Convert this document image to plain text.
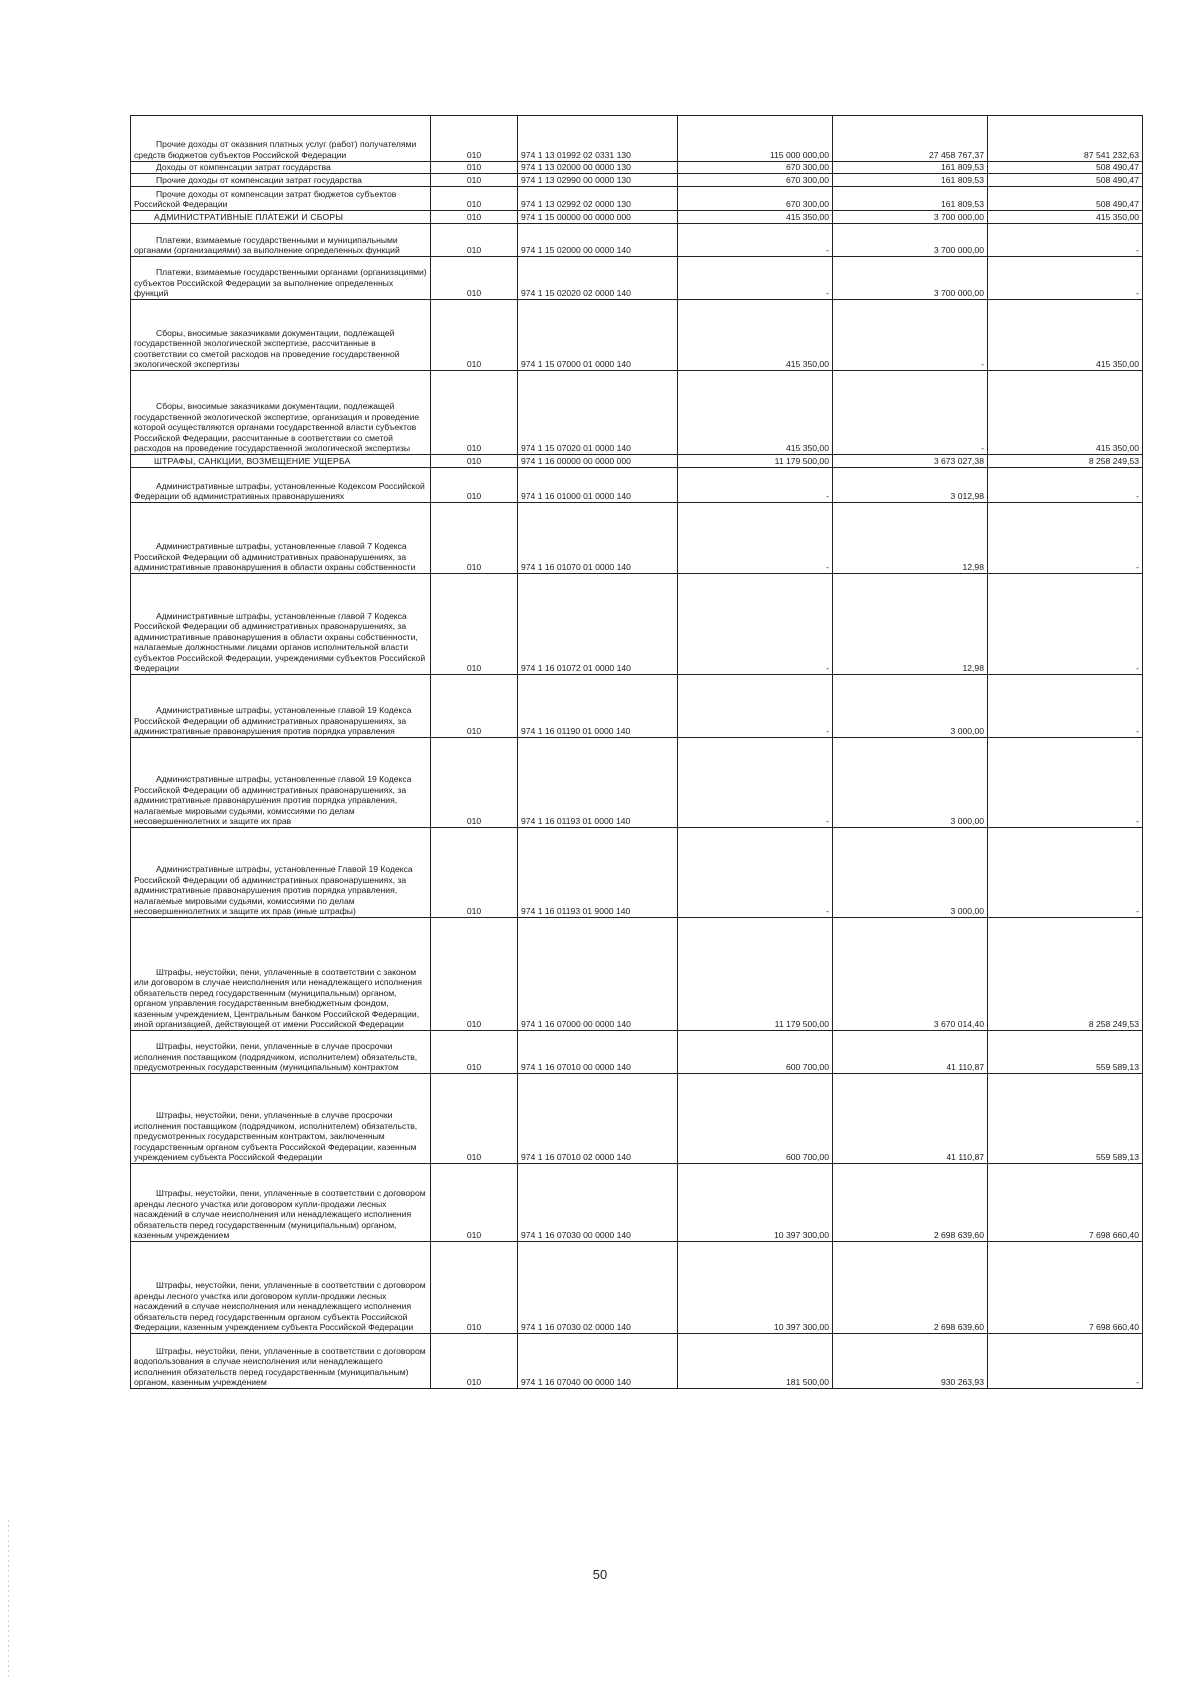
Прочие доходы от оказания платных услуг (работ) получателями средств бюджетов субъектов Российской Федерации	010	974 1 13 01992 02 0331 130	115 000 000,00	27 458 767,37	87 541 232,63

Доходы от компенсации затрат государства	010	974 1 13 02000 00 0000 130	670 300,00	161 809,53	508 490,47

Прочие доходы от компенсации затрат государства	010	974 1 13 02990 00 0000 130	670 300,00	161 809,53	508 490,47

Прочие доходы от компенсации затрат бюджетов субъектов Российской Федерации	010	974 1 13 02992 02 0000 130	670 300,00	161 809,53	508 490,47

АДМИНИСТРАТИВНЫЕ ПЛАТЕЖИ И СБОРЫ	010	974 1 15 00000 00 0000 000	415 350,00	3 700 000,00	415 350,00

Платежи, взимаемые государственными и муниципальными органами (организациями) за выполнение определенных функций	010	974 1 15 02000 00 0000 140	-	3 700 000,00	-

Платежи, взимаемые государственными органами (организациями) субъектов Российской Федерации за выполнение определенных функций	010	974 1 15 02020 02 0000 140	-	3 700 000,00	-

Сборы, вносимые заказчиками документации, подлежащей государственной экологической экспертизе, рассчитанные в соответствии со сметой расходов на проведение государственной экологической экспертизы	010	974 1 15 07000 01 0000 140	415 350,00	-	415 350,00

Сборы, вносимые заказчиками документации, подлежащей государственной экологической экспертизе, организация и проведение которой осуществляются органами государственной власти субъектов Российской Федерации, рассчитанные в соответствии со сметой расходов на проведение государственной экологической экспертизы	010	974 1 15 07020 01 0000 140	415 350,00	-	415 350,00

ШТРАФЫ, САНКЦИИ, ВОЗМЕЩЕНИЕ УЩЕРБА	010	974 1 16 00000 00 0000 000	11 179 500,00	3 673 027,38	8 258 249,53

Административные штрафы, установленные Кодексом Российской Федерации об административных правонарушениях	010	974 1 16 01000 01 0000 140	-	3 012,98	-

Административные штрафы, установленные главой 7 Кодекса Российской Федерации об административных правонарушениях, за административные правонарушения в области охраны собственности	010	974 1 16 01070 01 0000 140	-	12,98	-

Административные штрафы, установленные главой 7 Кодекса Российской Федерации об административных правонарушениях, за административные правонарушения в области охраны собственности, налагаемые должностными лицами органов исполнительной власти субъектов Российской Федерации, учреждениями субъектов Российской Федерации	010	974 1 16 01072 01 0000 140	-	12,98	-

Административные штрафы, установленные главой 19 Кодекса Российской Федерации об административных правонарушениях, за административные правонарушения против порядка управления	010	974 1 16 01190 01 0000 140	-	3 000,00	-

Административные штрафы, установленные главой 19 Кодекса Российской Федерации об административных правонарушениях, за административные правонарушения против порядка управления, налагаемые мировыми судьями, комиссиями по делам несовершеннолетних и защите их прав	010	974 1 16 01193 01 0000 140	-	3 000,00	-

Административные штрафы, установленные Главой 19 Кодекса Российской Федерации об административных правонарушениях, за административные правонарушения против порядка управления, налагаемые мировыми судьями, комиссиями по делам несовершеннолетних и защите их прав (иные штрафы)	010	974 1 16 01193 01 9000 140	-	3 000,00	-

Штрафы, неустойки, пени, уплаченные в соответствии с законом или договором в случае неисполнения или ненадлежащего исполнения обязательств перед государственным (муниципальным) органом, органом управления государственным внебюджетным фондом, казенным учреждением, Центральным банком Российской Федерации, иной организацией, действующей от имени Российской Федерации	010	974 1 16 07000 00 0000 140	11 179 500,00	3 670 014,40	8 258 249,53

Штрафы, неустойки, пени, уплаченные в случае просрочки исполнения поставщиком (подрядчиком, исполнителем) обязательств, предусмотренных государственным (муниципальным) контрактом	010	974 1 16 07010 00 0000 140	600 700,00	41 110,87	559 589,13

Штрафы, неустойки, пени, уплаченные в случае просрочки исполнения поставщиком (подрядчиком, исполнителем) обязательств, предусмотренных государственным контрактом, заключенным государственным органом субъекта Российской Федерации, казенным учреждением субъекта Российской Федерации	010	974 1 16 07010 02 0000 140	600 700,00	41 110,87	559 589,13

Штрафы, неустойки, пени, уплаченные в соответствии с договором аренды лесного участка или договором купли-продажи лесных насаждений в случае неисполнения или ненадлежащего исполнения обязательств перед государственным (муниципальным) органом, казенным учреждением	010	974 1 16 07030 00 0000 140	10 397 300,00	2 698 639,60	7 698 660,40

Штрафы, неустойки, пени, уплаченные в соответствии с договором аренды лесного участка или договором купли-продажи лесных насаждений в случае неисполнения или ненадлежащего исполнения обязательств перед государственным органом субъекта Российской Федерации, казенным учреждением субъекта Российской Федерации	010	974 1 16 07030 02 0000 140	10 397 300,00	2 698 639,60	7 698 660,40

Штрафы, неустойки, пени, уплаченные в соответствии с договором водопользования в случае неисполнения или ненадлежащего исполнения обязательств перед государственным (муниципальным) органом, казенным учреждением	010	974 1 16 07040 00 0000 140	181 500,00	930 263,93	-
50
